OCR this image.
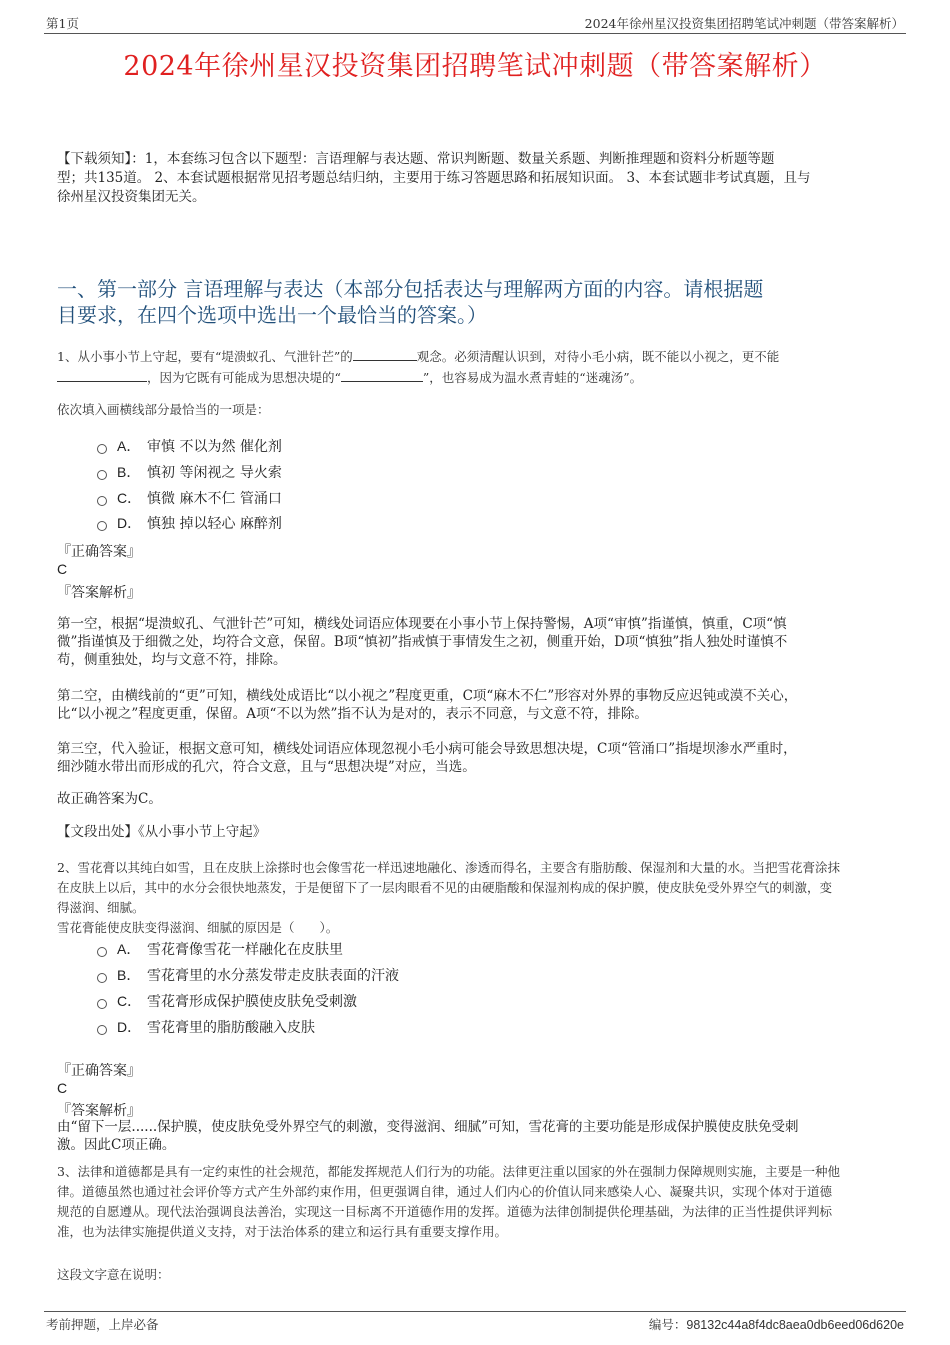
第1页	2024年徐州星汉投资集团招聘笔试冲刺题（带答案解析）
2024年徐州星汉投资集团招聘笔试冲刺题（带答案解析）
【下载须知】：1，本套练习包含以下题型：言语理解与表达题、常识判断题、数量关系题、判断推理题和资料分析题等题
型；共135道。 2、本套试题根据常见招考题总结归纳，主要用于练习答题思路和拓展知识面。 3、本套试题非考试真题，且与
徐州星汉投资集团无关。
一、第一部分 言语理解与表达（本部分包括表达与理解两方面的内容。请根据题
目要求，在四个选项中选出一个最恰当的答案。）
1、从小事小节上守起，要有“堤溃蚁孔、气泄针芒”的	观念。必须清醒认识到，对待小毛小病，既不能以小视之，更不能
，因为它既有可能成为思想决堤的“	”，也容易成为温水煮青蛙的“迷魂汤”。
依次填入画横线部分最恰当的一项是：
A． 审慎 不以为然 催化剂
B． 慎初 等闲视之 导火索
C． 慎微 麻木不仁 管涌口
D． 慎独 掉以轻心 麻醉剂
『正确答案』
C
『答案解析』
第一空，根据“堤溃蚁孔、气泄针芒”可知，横线处词语应体现要在小事小节上保持警惕，A项“审慎”指谨慎，慎重，C项“慎
微”指谨慎及于细微之处，均符合文意，保留。B项“慎初”指戒慎于事情发生之初，侧重开始，D项“慎独”指人独处时谨慎不
苟，侧重独处，均与文意不符，排除。
第二空，由横线前的“更”可知，横线处成语比“以小视之”程度更重，C项“麻木不仁”形容对外界的事物反应迟钝或漠不关心，
比“以小视之”程度更重，保留。A项“不以为然”指不认为是对的，表示不同意，与文意不符，排除。
第三空，代入验证，根据文意可知，横线处词语应体现忽视小毛小病可能会导致思想决堤，C项“管涌口”指堤坝渗水严重时，
细沙随水带出而形成的孔穴，符合文意，且与“思想决堤”对应，当选。
故正确答案为C。
【文段出处】《从小事小节上守起》
2、雪花膏以其纯白如雪，且在皮肤上涂搽时也会像雪花一样迅速地融化、渗透而得名，主要含有脂肪酸、保湿剂和大量的水。当把雪花膏涂抹
在皮肤上以后，其中的水分会很快地蒸发，于是便留下了一层肉眼看不见的由硬脂酸和保湿剂构成的保护膜，使皮肤免受外界空气的刺激，变
得滋润、细腻。
雪花膏能使皮肤变得滋润、细腻的原因是（　　）。
A． 雪花膏像雪花一样融化在皮肤里
B． 雪花膏里的水分蒸发带走皮肤表面的汗液
C． 雪花膏形成保护膜使皮肤免受刺激
D． 雪花膏里的脂肪酸融入皮肤
『正确答案』
C
『答案解析』
由“留下一层......保护膜，使皮肤免受外界空气的刺激，变得滋润、细腻”可知，雪花膏的主要功能是形成保护膜使皮肤免受刺
激。因此C项正确。
3、法律和道德都是具有一定约束性的社会规范，都能发挥规范人们行为的功能。法律更注重以国家的外在强制力保障规则实施，主要是一种他
律。道德虽然也通过社会评价等方式产生外部约束作用，但更强调自律，通过人们内心的价值认同来感染人心、凝聚共识，实现个体对于道德
规范的自愿遵从。现代法治强调良法善治，实现这一目标离不开道德作用的发挥。道德为法律创制提供伦理基础，为法律的正当性提供评判标
准，也为法律实施提供道义支持，对于法治体系的建立和运行具有重要支撑作用。
这段文字意在说明：
考前押题，上岸必备	编号：98132c44a8f4dc8aea0db6eed06d620e
